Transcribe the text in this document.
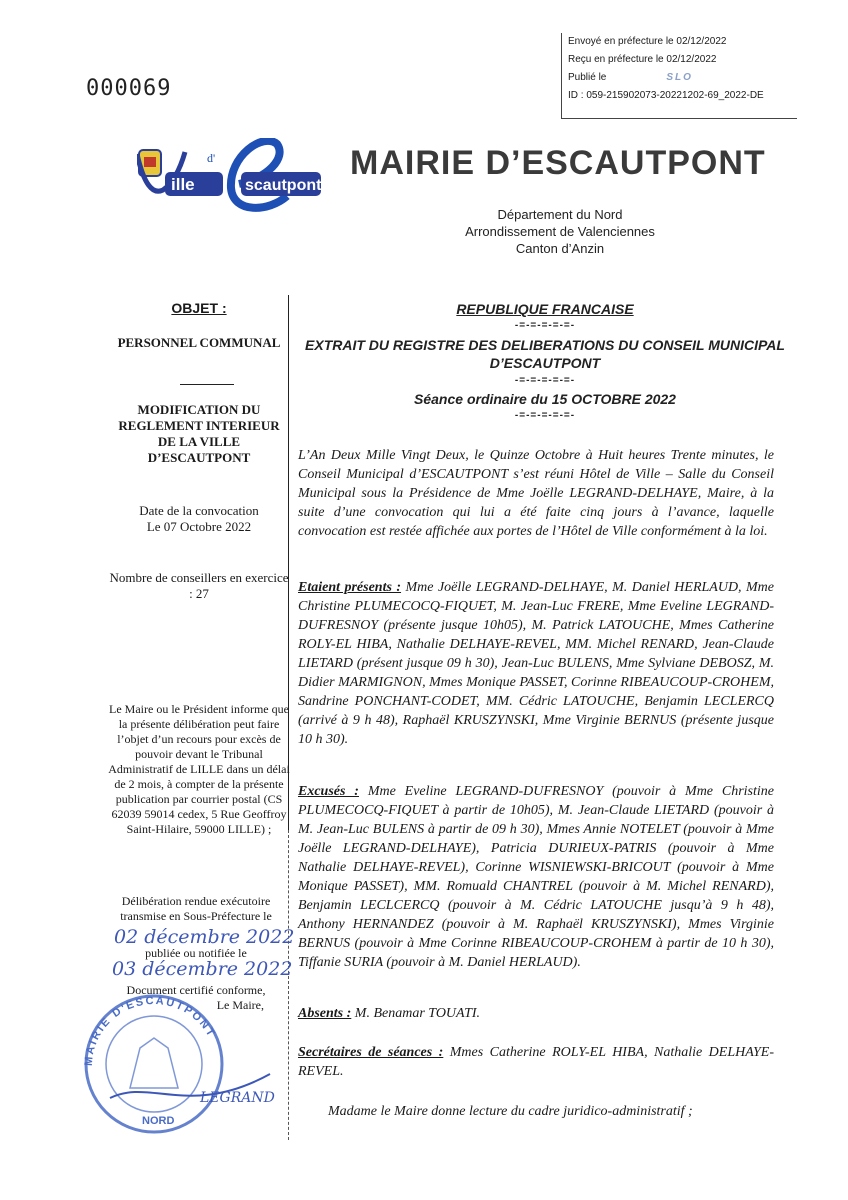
Envoyé en préfecture le 02/12/2022
Reçu en préfecture le 02/12/2022
Publié le	SLO
ID : 059-215902073-20221202-69_2022-DE
000069
d'
ille	scautpont
MAIRIE D’ESCAUTPONT
Département du Nord
Arrondissement de Valenciennes
Canton d’Anzin
OBJET :
PERSONNEL COMMUNAL
MODIFICATION DU REGLEMENT INTERIEUR DE LA VILLE D’ESCAUTPONT
Date de la convocation
Le 07 Octobre 2022
Nombre de conseillers en exercice : 27
Le Maire ou le Président informe que la présente délibération peut faire l’objet d’un recours pour excès de pouvoir devant le Tribunal Administratif de LILLE dans un délai de 2 mois, à compter de la présente publication par courrier postal (CS 62039 59014 cedex, 5 Rue Geoffroy Saint-Hilaire, 59000 LILLE) ;
Délibération rendue exécutoire transmise en Sous-Préfecture le
publiée ou notifiée le
Document certifié conforme,
Le Maire,
02 décembre 2022
03 décembre 2022
MAIRIE D'ESCAUTPONT
NORD
LEGRAND
REPUBLIQUE FRANCAISE
-=-=-=-=-=-
EXTRAIT DU REGISTRE DES DELIBERATIONS DU CONSEIL MUNICIPAL D’ESCAUTPONT
-=-=-=-=-=-
Séance ordinaire du 15 OCTOBRE 2022
-=-=-=-=-=-
L’An Deux Mille Vingt Deux, le Quinze Octobre à Huit heures Trente minutes, le Conseil Municipal d’ESCAUTPONT s’est réuni Hôtel de Ville – Salle du Conseil Municipal sous la Présidence de Mme Joëlle LEGRAND-DELHAYE, Maire, à la suite d’une convocation qui lui a été faite cinq jours à l’avance, laquelle convocation est restée affichée aux portes de l’Hôtel de Ville conformément à la loi.
Etaient présents : Mme Joëlle LEGRAND-DELHAYE, M. Daniel HERLAUD, Mme Christine PLUMECOCQ-FIQUET, M. Jean-Luc FRERE, Mme Eveline LEGRAND-DUFRESNOY (présente jusque 10h05), M. Patrick LATOUCHE, Mmes Catherine ROLY-EL HIBA, Nathalie DELHAYE-REVEL, MM. Michel RENARD, Jean-Claude LIETARD (présent jusque 09 h 30), Jean-Luc BULENS, Mme Sylviane DEBOSZ, M. Didier MARMIGNON, Mmes Monique PASSET, Corinne RIBEAUCOUP-CROHEM, Sandrine PONCHANT-CODET, MM. Cédric LATOUCHE, Benjamin LECLERCQ (arrivé à 9 h 48), Raphaël KRUSZYNSKI, Mme Virginie BERNUS (présente jusque 10 h 30).
Excusés : Mme Eveline LEGRAND-DUFRESNOY (pouvoir à Mme Christine PLUMECOCQ-FIQUET à partir de 10h05), M. Jean-Claude LIETARD (pouvoir à M. Jean-Luc BULENS à partir de 09 h 30), Mmes Annie NOTELET (pouvoir à Mme Joëlle LEGRAND-DELHAYE), Patricia DURIEUX-PATRIS (pouvoir à Mme Nathalie DELHAYE-REVEL), Corinne WISNIEWSKI-BRICOUT (pouvoir à Mme Monique PASSET), MM. Romuald CHANTREL (pouvoir à M. Michel RENARD), Benjamin LECLCERCQ (pouvoir à M. Cédric LATOUCHE jusqu’à 9 h 48), Anthony HERNANDEZ (pouvoir à M. Raphaël KRUSZYNSKI), Mmes Virginie BERNUS (pouvoir à Mme Corinne RIBEAUCOUP-CROHEM à partir de 10 h 30), Tiffanie SURIA (pouvoir à M. Daniel HERLAUD).
Absents : M. Benamar TOUATI.
Secrétaires de séances : Mmes Catherine ROLY-EL HIBA, Nathalie DELHAYE-REVEL.
Madame le Maire donne lecture du cadre juridico-administratif ;
